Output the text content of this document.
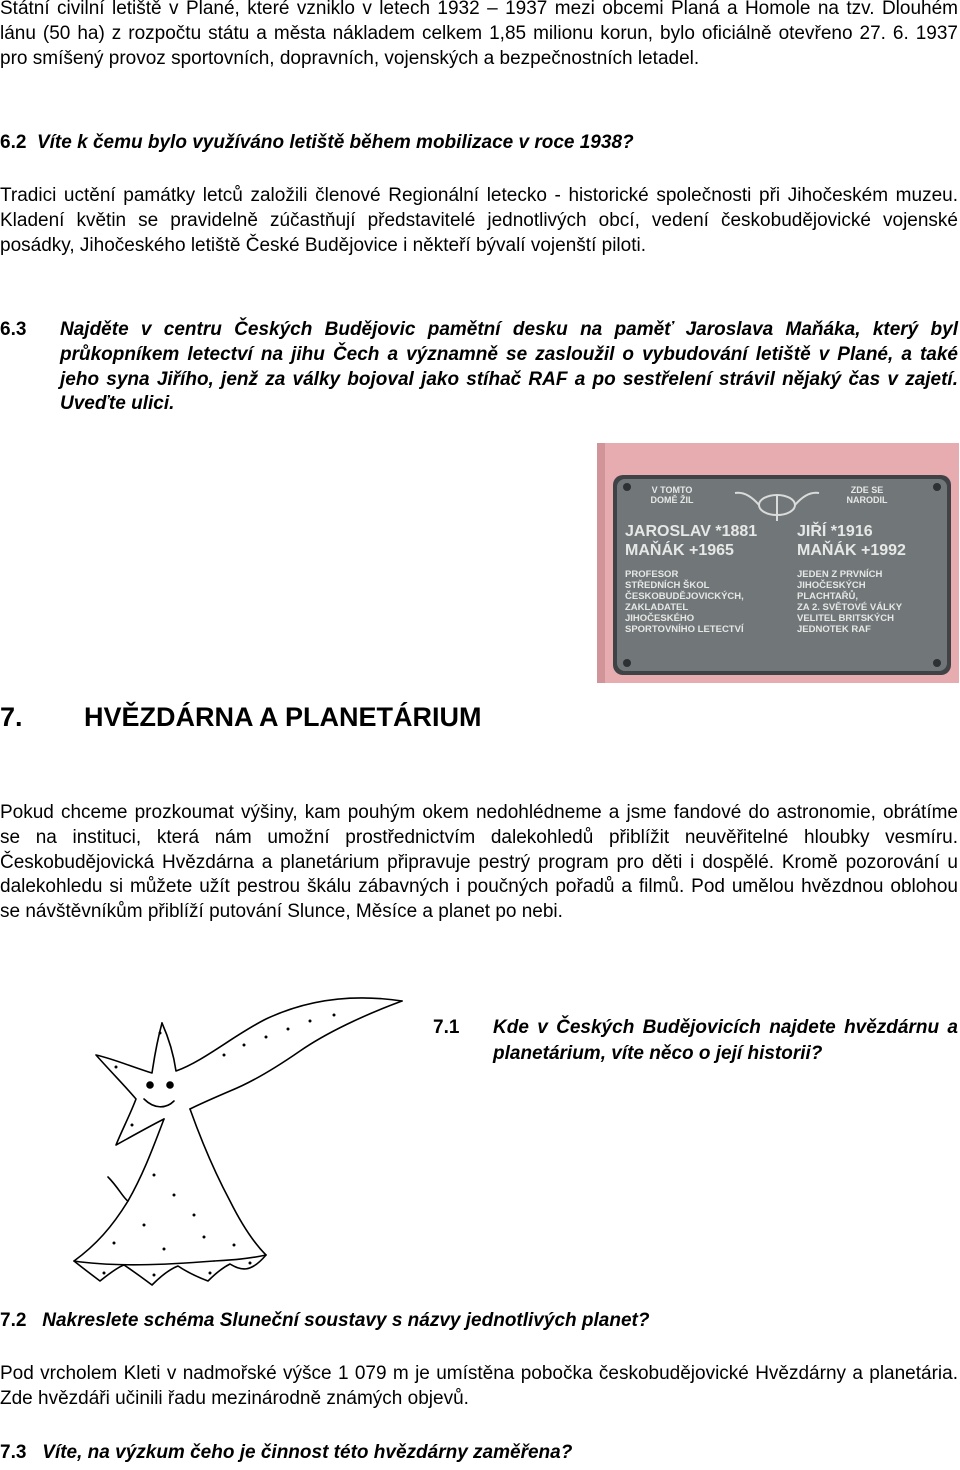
Státní civilní letiště v Plané, které vzniklo v letech 1932 – 1937 mezi obcemi Planá a Homole na tzv. Dlouhém lánu (50 ha) z rozpočtu státu a města nákladem celkem 1,85 milionu korun, bylo oficiálně otevřeno 27. 6. 1937 pro smíšený provoz sportovních, dopravních, vojenských a bezpečnostních letadel.

6.2 Víte k čemu bylo využíváno letiště během mobilizace v roce 1938?

Tradici uctění památky letců založili členové Regionální letecko - historické společnosti při Jihočeském muzeu. Kladení květin se pravidelně zúčastňují představitelé jednotlivých obcí, vedení českobudějovické vojenské posádky, Jihočeského letiště České Budějovice i někteří bývalí vojenští piloti.

6.3 Najděte v centru Českých Budějovic pamětní desku na paměť Jaroslava Maňáka, který byl průkopníkem letectví na jihu Čech a významně se zasloužil o vybudování letiště v Plané, a také jeho syna Jiřího, jenž za války bojoval jako stíhač RAF a po sestřelení strávil nějaký čas v zajetí. Uveďte ulici.

V TOMTO
DOMĚ ŽIL
ZDE SE
NARODIL
JAROSLAV *1881
MAŇÁK +1965
JIŘÍ *1916
MAŇÁK +1992
PROFESOR
STŘEDNÍCH ŠKOL
ČESKOBUDĚJOVICKÝCH,
ZAKLADATEL
JIHOČESKÉHO
SPORTOVNÍHO LETECTVÍ
JEDEN Z PRVNÍCH
JIHOČESKÝCH
PLACHTAŘŮ,
ZA 2. SVĚTOVÉ VÁLKY
VELITEL BRITSKÝCH
JEDNOTEK RAF
7. HVĚZDÁRNA A PLANETÁRIUM

Pokud chceme prozkoumat výšiny, kam pouhým okem nedohlédneme a jsme fandové do astronomie, obrátíme se na instituci, která nám umožní prostřednictvím dalekohledů přiblížit neuvěřitelné hloubky vesmíru. Českobudějovická Hvězdárna a planetárium připravuje pestrý program pro děti i dospělé. Kromě pozorování u dalekohledu si můžete užít pestrou škálu zábavných i poučných pořadů a filmů. Pod umělou hvězdnou oblohou se návštěvníkům přiblíží putování Slunce, Měsíce a planet po nebi.

7.1 Kde v Českých Budějovicích najdete hvězdárnu a planetárium, víte něco o její historii?

7.2 Nakreslete schéma Sluneční soustavy s názvy jednotlivých planet?

Pod vrcholem Kleti v nadmořské výšce 1 079 m je umístěna pobočka českobudějovické Hvězdárny a planetária. Zde hvězdáři učinili řadu mezinárodně známých objevů.

7.3 Víte, na výzkum čeho je činnost této hvězdárny zaměřena?
